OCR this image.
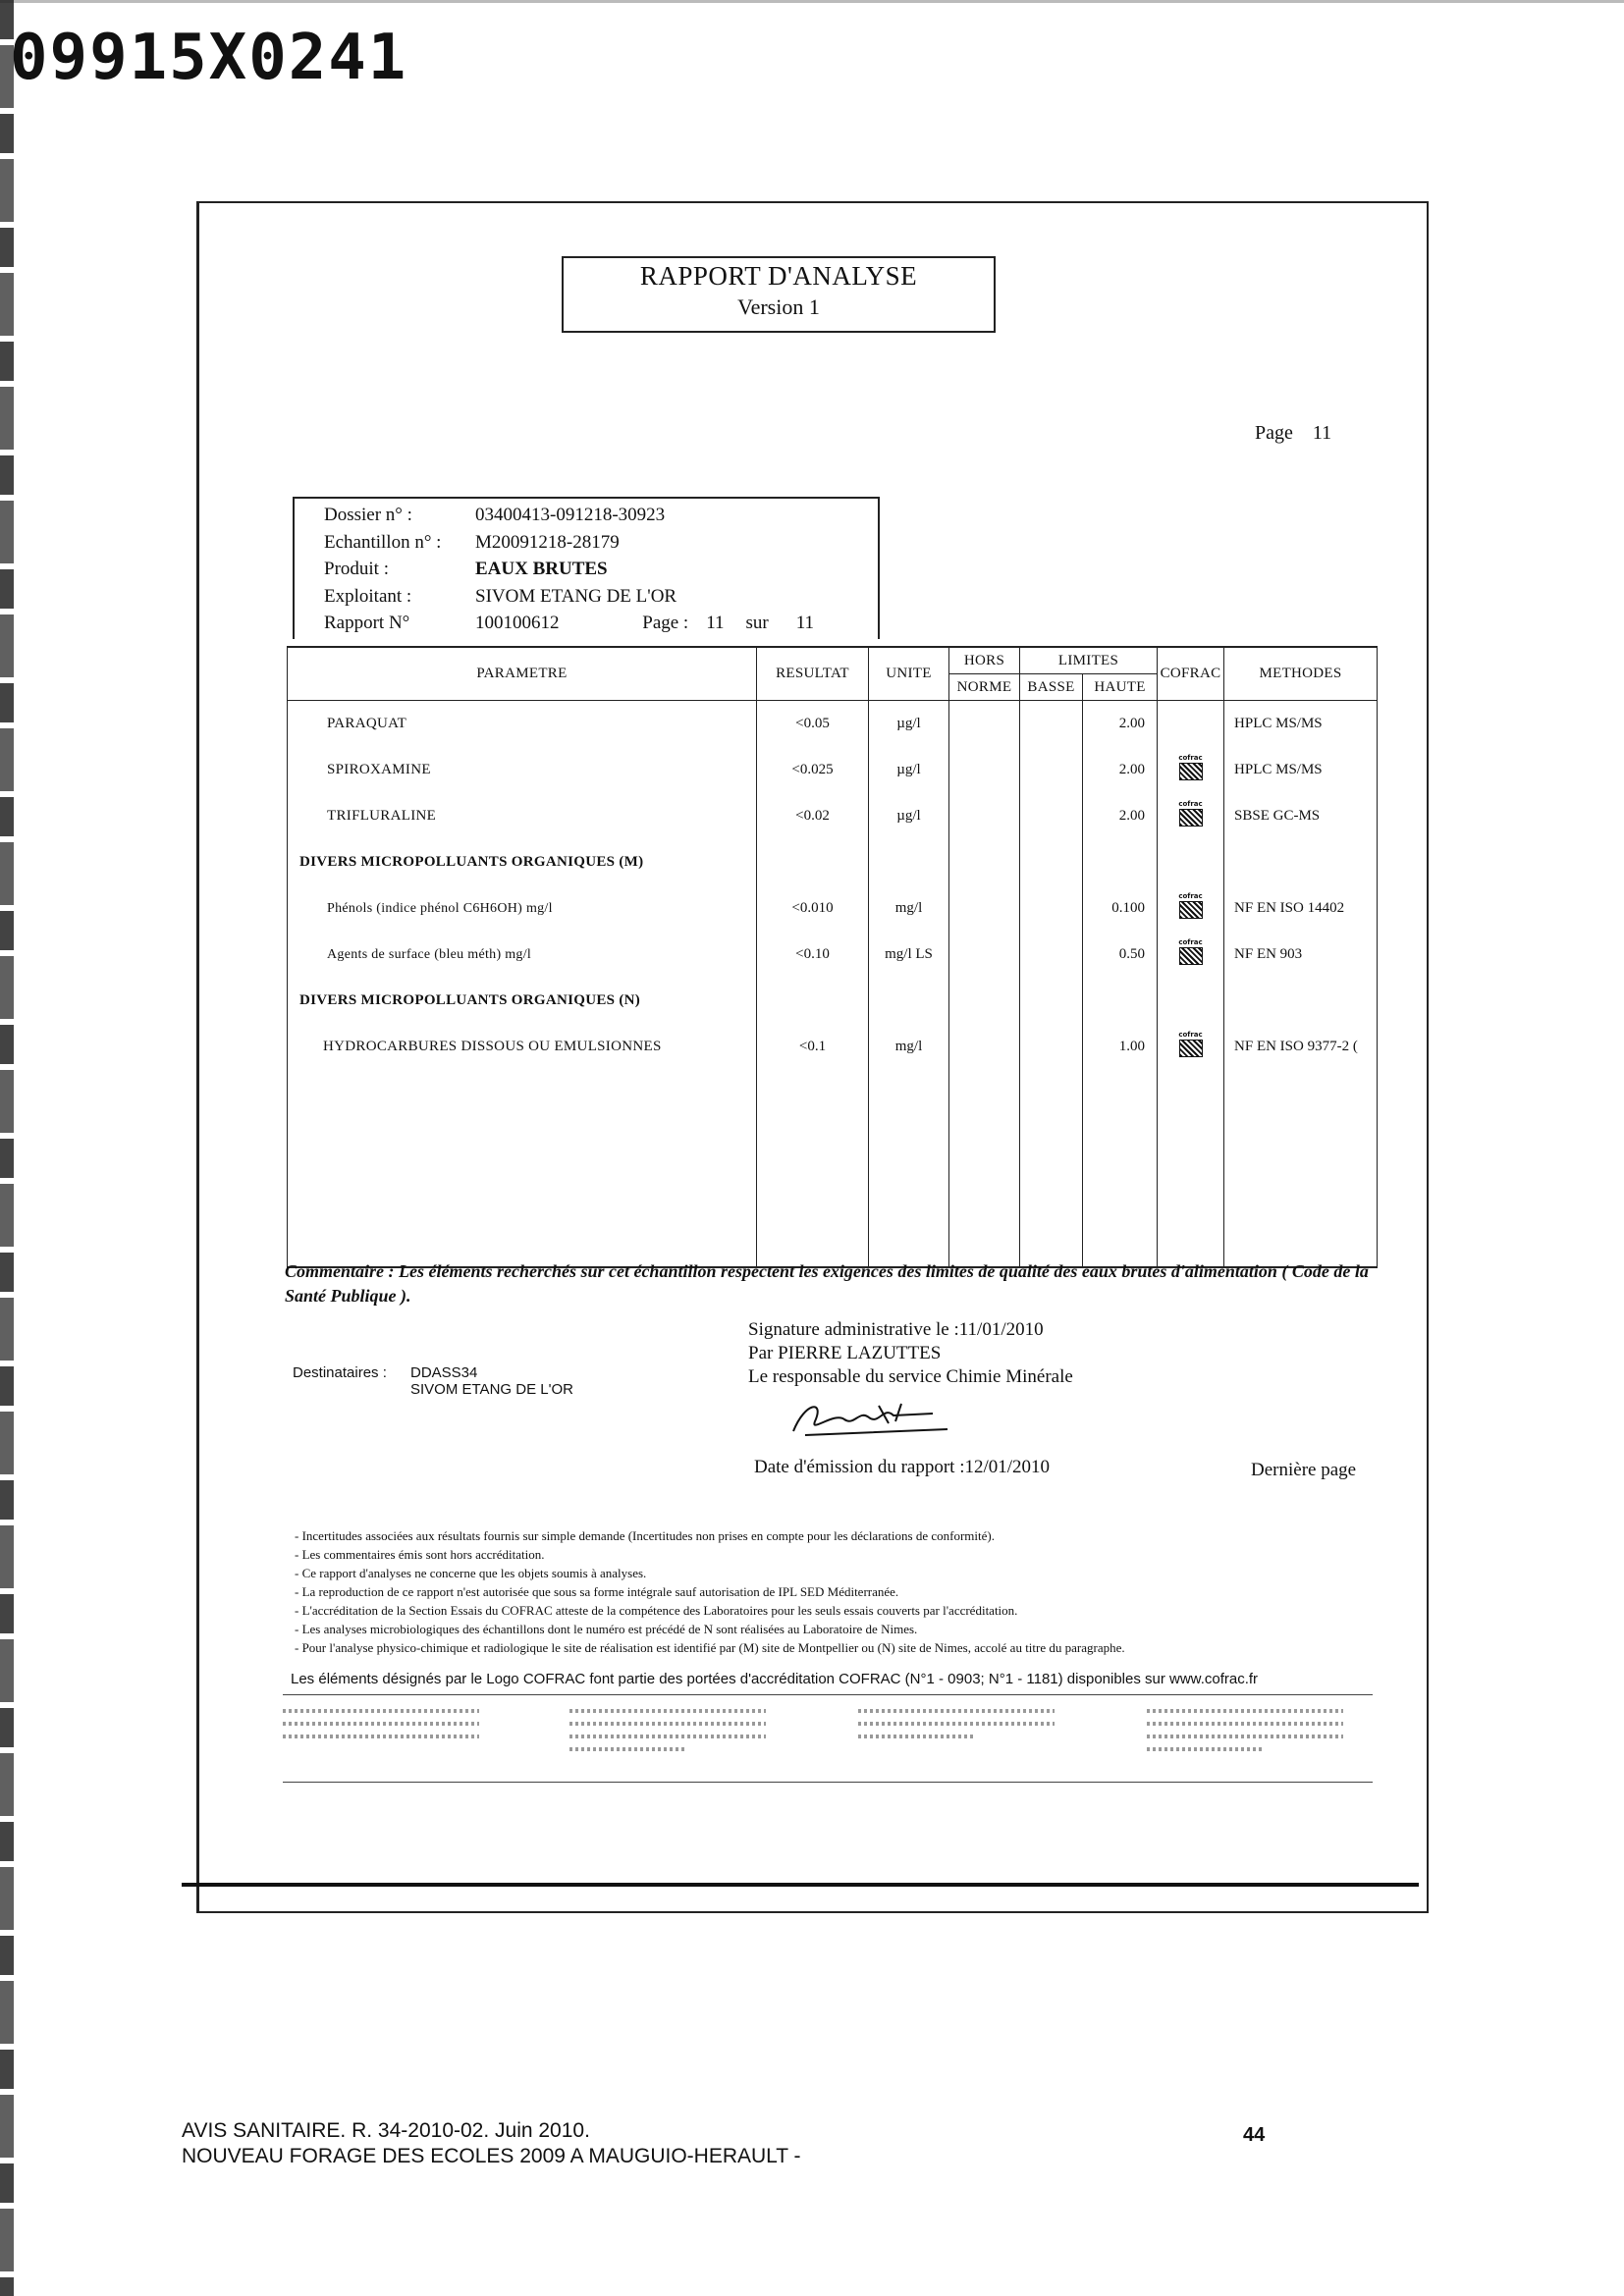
09915X0241
RAPPORT D'ANALYSE
Version 1
Page 11
Dossier n° :	03400413-091218-30923
Echantillon n° : M20091218-28179
Produit :	EAUX BRUTES
Exploitant :	SIVOM ETANG DE L'OR
Rapport N°	100100612	Page : 11 sur 11
PARAMETRE	RESULTAT	UNITE	HORS	LIMITES		COFRAC	METHODES
			NORME	BASSE	HAUTE		
PARAQUAT	<0.05	µg/l			2.00		HPLC MS/MS
SPIROXAMINE	<0.025	µg/l			2.00	cofrac	HPLC MS/MS
TRIFLURALINE	<0.02	µg/l			2.00	cofrac	SBSE GC-MS
DIVERS MICROPOLLUANTS ORGANIQUES (M)							
Phénols (indice phénol C6H6OH) mg/l	<0.010	mg/l			0.100	cofrac	NF EN ISO 14402
Agents de surface (bleu méth) mg/l	<0.10	mg/l LS			0.50	cofrac	NF EN 903
DIVERS MICROPOLLUANTS ORGANIQUES (N)							
HYDROCARBURES DISSOUS OU EMULSIONNES	<0.1	mg/l			1.00	cofrac	NF EN ISO 9377-2 (

Commentaire : Les éléments recherchés sur cet échantillon respectent les exigences des limites de qualité des eaux brutes d'alimentation ( Code de la Santé Publique ).
Signature administrative le :11/01/2010
Par PIERRE LAZUTTES
Le responsable du service Chimie Minérale
Destinataires : DDASS34
SIVOM ETANG DE L'OR
Date d'émission du rapport :12/01/2010	Dernière page

- Incertitudes associées aux résultats fournis sur simple demande (Incertitudes non prises en compte pour les déclarations de conformité).

- Les commentaires émis sont hors accréditation.

- Ce rapport d'analyses ne concerne que les objets soumis à analyses.

- La reproduction de ce rapport n'est autorisée que sous sa forme intégrale sauf autorisation de IPL SED Méditerranée.

- L'accréditation de la Section Essais du COFRAC atteste de la compétence des Laboratoires pour les seuls essais couverts par l'accréditation.

- Les analyses microbiologiques des échantillons dont le numéro est précédé de N sont réalisées au Laboratoire de Nimes.

- Pour l'analyse physico-chimique et radiologique le site de réalisation est identifié par (M) site de Montpellier ou (N) site de Nimes, accolé au titre du paragraphe.

Les éléments désignés par le Logo COFRAC font partie des portées d'accréditation COFRAC (N°1 - 0903; N°1 - 1181) disponibles sur www.cofrac.fr
AVIS SANITAIRE. R. 34-2010-02. Juin 2010.
NOUVEAU FORAGE DES ECOLES 2009 A MAUGUIO-HERAULT -
44
